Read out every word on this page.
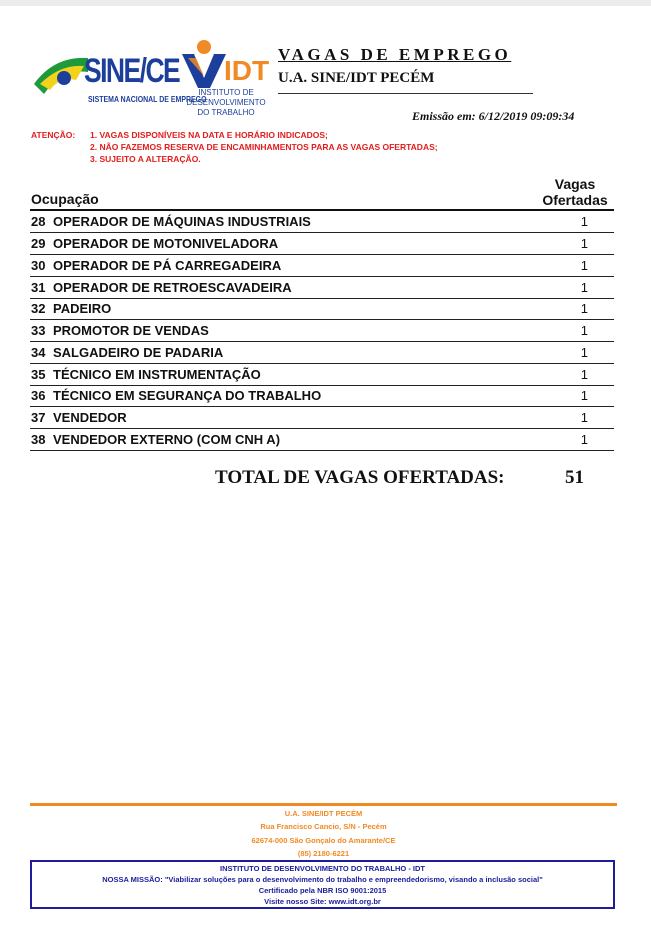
SINE/CE
SISTEMA NACIONAL DE EMPREGO
IDT
INSTITUTO DE
DESENVOLVIMENTO
DO TRABALHO
VAGAS DE EMPREGO
U.A. SINE/IDT PECÉM
Emissão em: 6/12/2019 09:09:34
ATENÇÃO: 1. VAGAS DISPONÍVEIS NA DATA E HORÁRIO INDICADOS;
2. NÃO FAZEMOS RESERVA DE ENCAMINHAMENTOS PARA AS VAGAS OFERTADAS;
3. SUJEITO A ALTERAÇÃO.
Ocupação
Vagas
Ofertadas
28 OPERADOR DE MÁQUINAS INDUSTRIAIS	1
29 OPERADOR DE MOTONIVELADORA	1
30 OPERADOR DE PÁ CARREGADEIRA	1
31 OPERADOR DE RETROESCAVADEIRA	1
32 PADEIRO	1
33 PROMOTOR DE VENDAS	1
34 SALGADEIRO DE PADARIA	1
35 TÉCNICO EM INSTRUMENTAÇÃO	1
36 TÉCNICO EM SEGURANÇA DO TRABALHO	1
37 VENDEDOR	1
38 VENDEDOR EXTERNO (COM CNH A)	1
TOTAL DE VAGAS OFERTADAS:	51
U.A. SINE/IDT PECÉM
Rua Francisco Cancio, S/N - Pecém
62674-000 São Gonçalo do Amarante/CE
(85) 2180-6221
INSTITUTO DE DESENVOLVIMENTO DO TRABALHO - IDT
NOSSA MISSÃO: "Viabilizar soluções para o desenvolvimento do trabalho e empreendedorismo, visando a inclusão social"
Certificado pela NBR ISO 9001:2015
Visite nosso Site: www.idt.org.br
